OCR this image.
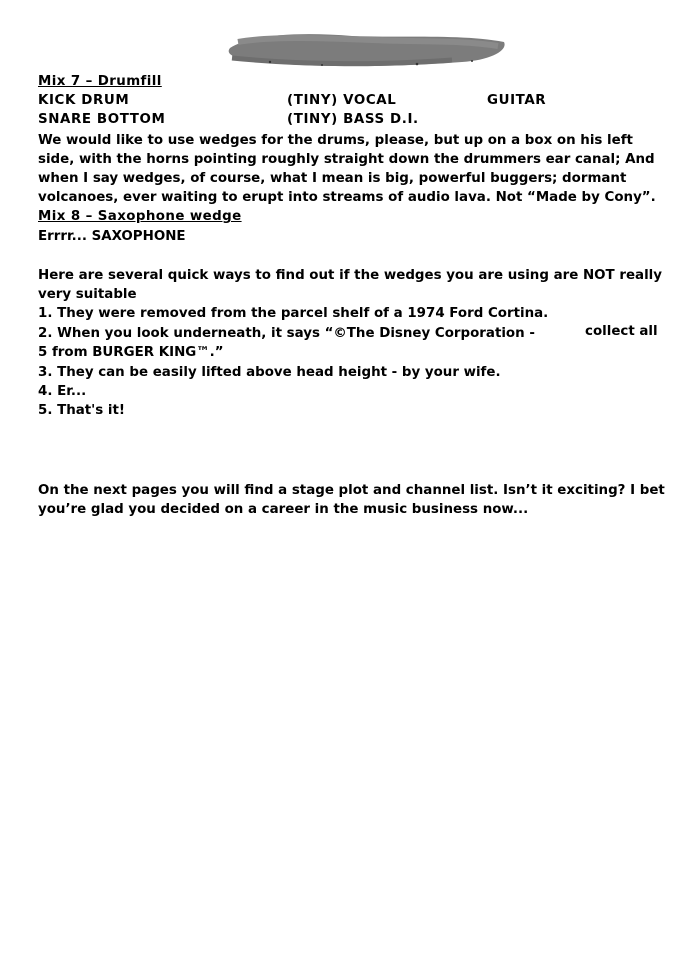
Mix 7 – Drumfill
KICK DRUM	(TINY) VOCAL	GUITAR
SNARE BOTTOM	(TINY) BASS D.I.
We would like to use wedges for the drums, please, but up on a box on his left
side, with the horns pointing roughly straight down the drummers ear canal; And
when I say wedges, of course, what I mean is big, powerful buggers; dormant
volcanoes, ever waiting to erupt into streams of audio lava. Not “Made by Cony”.
Mix 8 – Saxophone wedge
Errrr... SAXOPHONE
Here are several quick ways to find out if the wedges you are using are NOT really
very suitable
1. They were removed from the parcel shelf of a 1974 Ford Cortina.
2. When you look underneath, it says “©The Disney Corporation -	collect all
5 from BURGER KING™.”
3. They can be easily lifted above head height - by your wife.
4. Er...
5. That's it!
On the next pages you will find a stage plot and channel list. Isn’t it exciting? I bet
you’re glad you decided on a career in the music business now...
